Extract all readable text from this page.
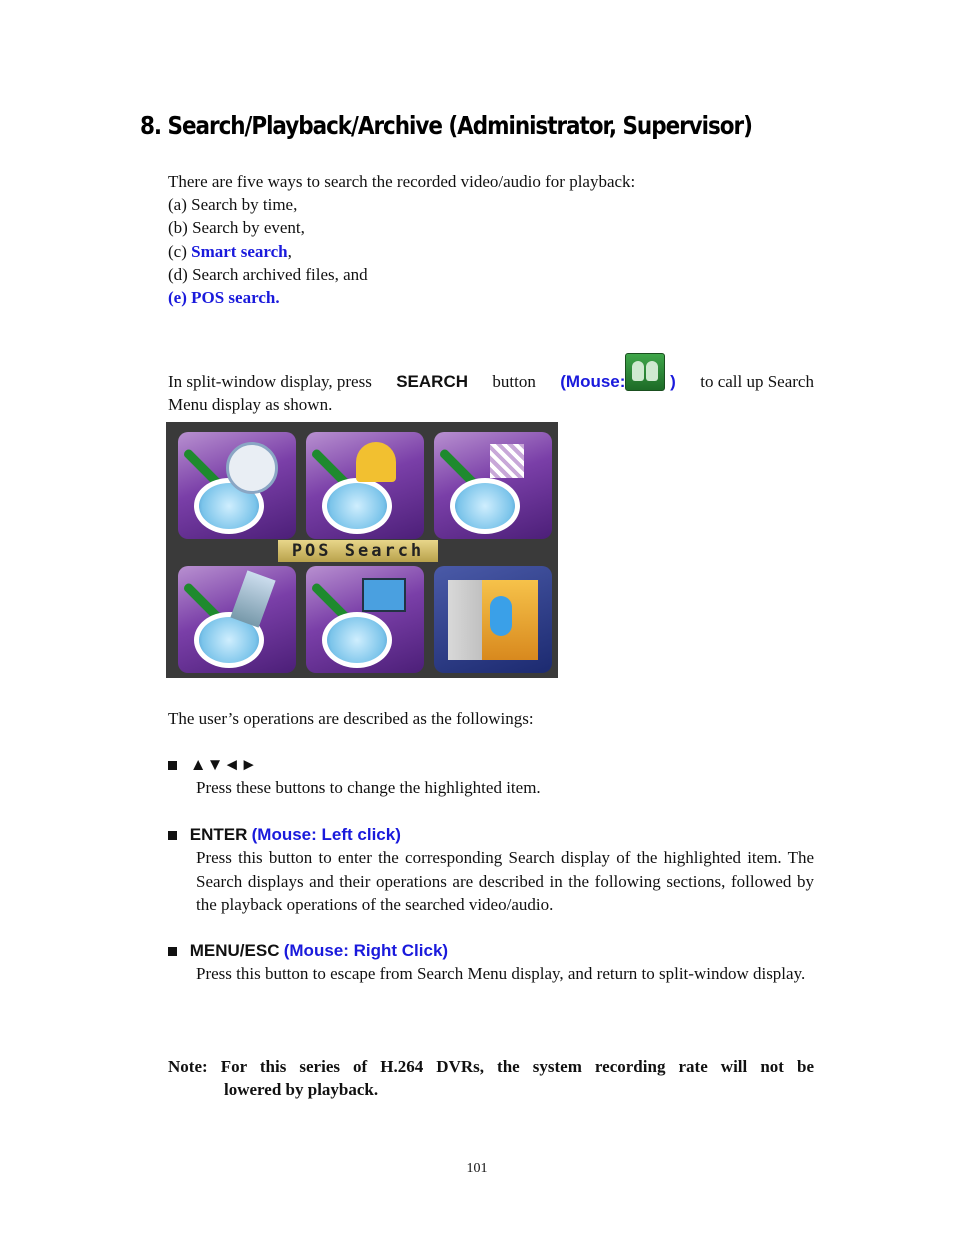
8. Search/Playback/Archive (Administrator, Supervisor)
There are five ways to search the recorded video/audio for playback:
(a) Search by time,
(b) Search by event,
(c) Smart search,
(d) Search archived files, and
(e) POS search.
In split-window display, press SEARCH button (Mouse:	) to call up Search
Menu display as shown.
POS Search
The user’s operations are described as the followings:
▲▼◄►
Press these buttons to change the highlighted item.
ENTER (Mouse: Left click)
Press this button to enter the corresponding Search display of the highlighted item. The Search displays and their operations are described in the following sections, followed by the playback operations of the searched video/audio.
MENU/ESC (Mouse: Right Click)
Press this button to escape from Search Menu display, and return to split-window display.
Note: For this series of H.264 DVRs, the system recording rate will not be
lowered by playback.
101
